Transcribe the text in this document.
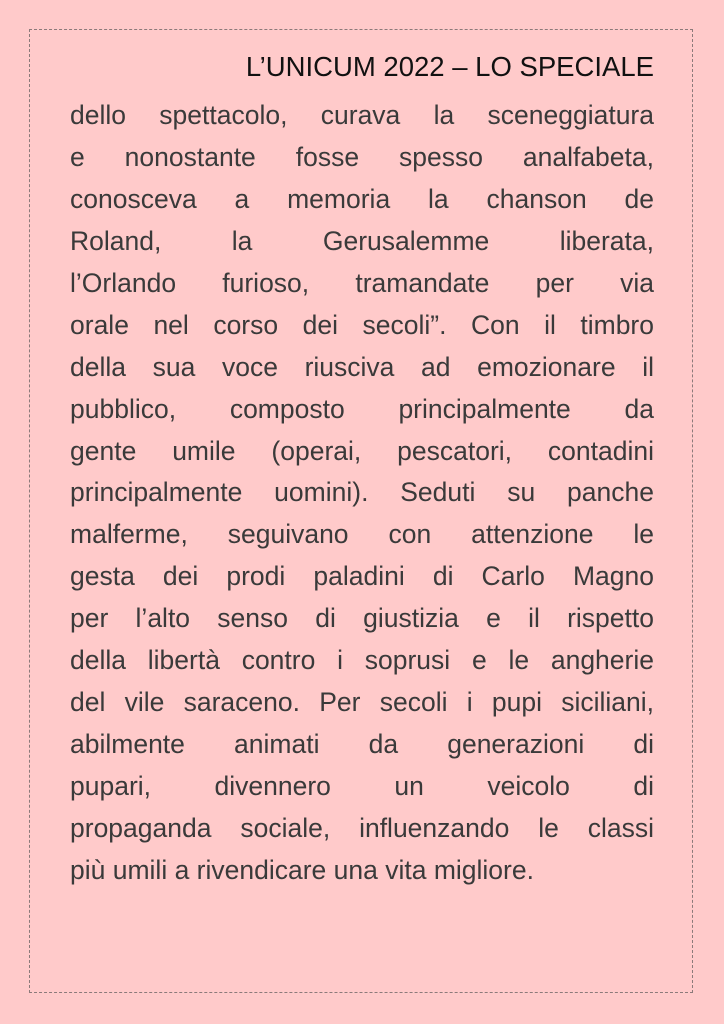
L’UNICUM 2022 – LO SPECIALE
dello spettacolo, curava la sceneggiatura
e nonostante fosse spesso analfabeta,
conosceva a memoria la chanson de
Roland, la Gerusalemme liberata,
l’Orlando furioso, tramandate per via
orale nel corso dei secoli”. Con il timbro
della sua voce riusciva ad emozionare il
pubblico, composto principalmente da
gente umile (operai, pescatori, contadini
principalmente uomini). Seduti su panche
malferme, seguivano con attenzione le
gesta dei prodi paladini di Carlo Magno
per l’alto senso di giustizia e il rispetto
della libertà contro i soprusi e le angherie
del vile saraceno. Per secoli i pupi siciliani,
abilmente animati da generazioni di
pupari, divennero un veicolo di
propaganda sociale, influenzando le classi
più umili a rivendicare una vita migliore.
